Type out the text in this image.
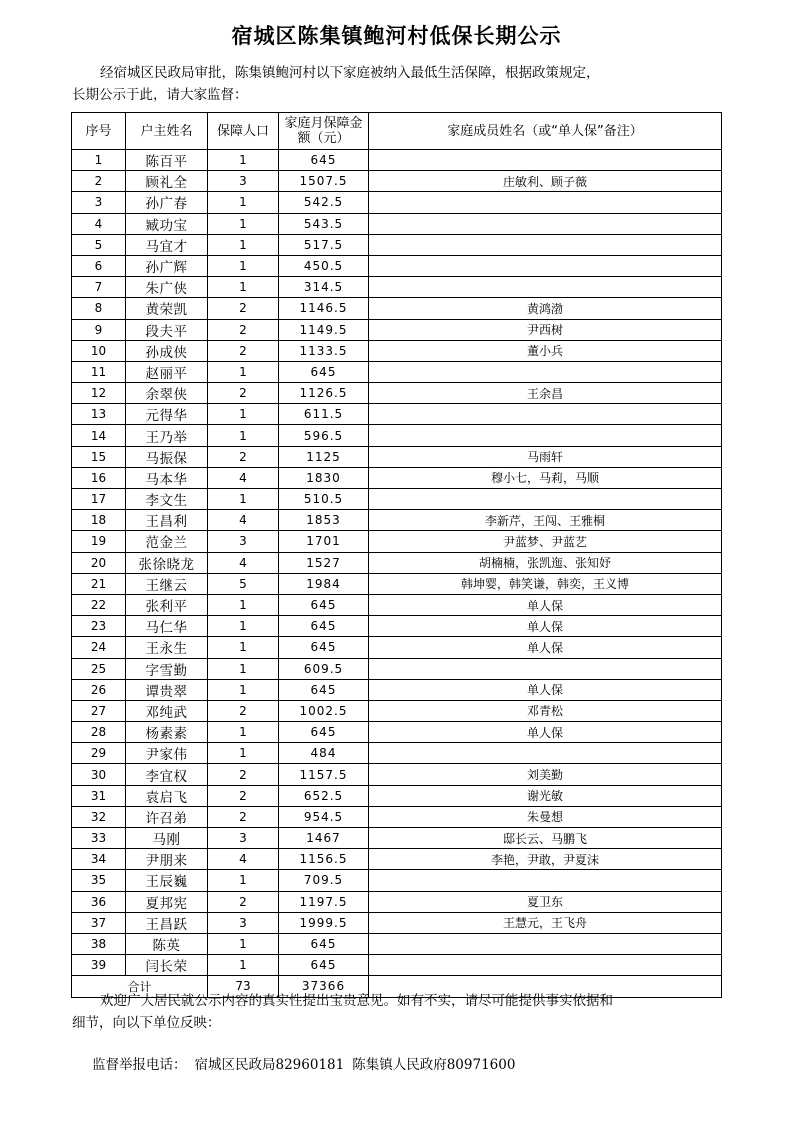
宿城区陈集镇鲍河村低保长期公示

经宿城区民政局审批，陈集镇鲍河村以下家庭被纳入最低生活保障，根据政策规定，

长期公示于此，请大家监督：

序号	户主姓名	保障人口	家庭月保障金额（元）	家庭成员姓名（或“单人保”备注）
1	陈百平	1	645	
2	顾礼全	3	1507.5	庄敏利、顾子薇
3	孙广春	1	542.5	
4	臧功宝	1	543.5	
5	马宜才	1	517.5	
6	孙广辉	1	450.5	
7	朱广侠	1	314.5	
8	黄荣凯	2	1146.5	黄鸿渤
9	段夫平	2	1149.5	尹西树
10	孙成侠	2	1133.5	董小兵
11	赵丽平	1	645	
12	余翠侠	2	1126.5	王余昌
13	元得华	1	611.5	
14	王乃举	1	596.5	
15	马振保	2	1125	马雨轩
16	马本华	4	1830	穆小七，马莉，马顺
17	李文生	1	510.5	
18	王昌利	4	1853	李新芹，王闯、王雅桐
19	范金兰	3	1701	尹蓝梦、尹蓝艺
20	张徐晓龙	4	1527	胡楠楠，张凯迤、张知妤
21	王继云	5	1984	韩坤婴，韩笑谦，韩奕，王义博
22	张利平	1	645	单人保
23	马仁华	1	645	单人保
24	王永生	1	645	单人保
25	字雪勤	1	609.5	
26	谭贵翠	1	645	单人保
27	邓纯武	2	1002.5	邓青松
28	杨素素	1	645	单人保
29	尹家伟	1	484	
30	李宜权	2	1157.5	刘美勤
31	袁启飞	2	652.5	谢光敏
32	许召弟	2	954.5	朱曼想
33	马刚	3	1467	邸长云、马鹏飞
34	尹朋来	4	1156.5	李艳，尹敢，尹夏沫
35	王辰巍	1	709.5	
36	夏邦宪	2	1197.5	夏卫东
37	王昌跃	3	1999.5	王慧元，王飞舟
38	陈英	1	645	
39	闫长荣	1	645	
合计		73	37366	

欢迎广大居民就公示内容的真实性提出宝贵意见。如有不实，请尽可能提供事实依据和

细节，向以下单位反映：

监督举报电话： 宿城区民政局82960181 陈集镇人民政府80971600
